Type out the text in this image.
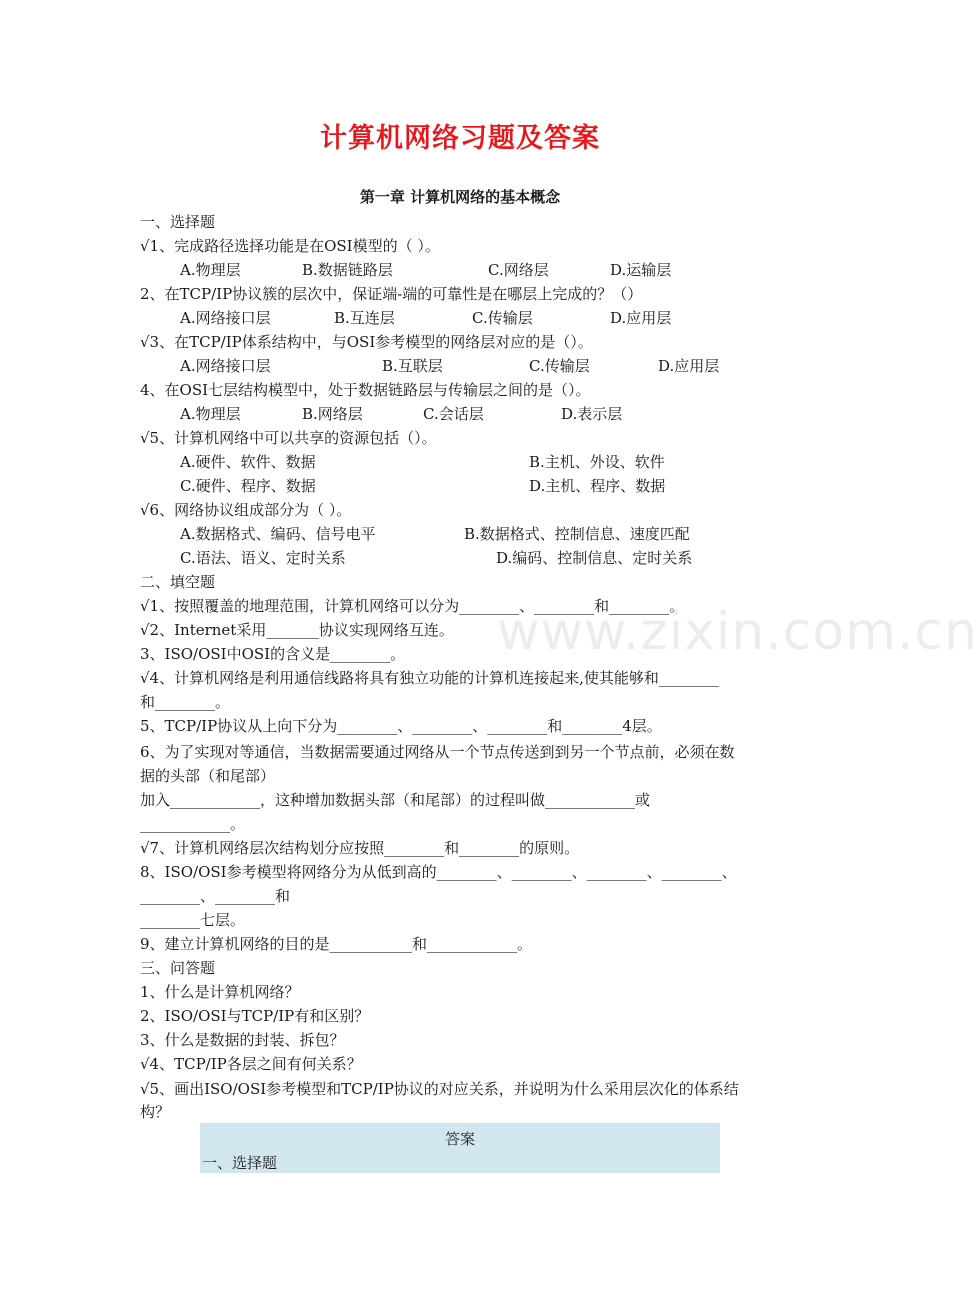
计算机网络习题及答案
第一章 计算机网络的基本概念
一、选择题
√1、完成路径选择功能是在OSI模型的（ ）。
A.物理层	B.数据链路层	C.网络层	D.运输层
2、在TCP/IP协议簇的层次中，保证端-端的可靠性是在哪层上完成的？（）
A.网络接口层	B.互连层	C.传输层	D.应用层
√3、在TCP/IP体系结构中，与OSI参考模型的网络层对应的是（）。
A.网络接口层	B.互联层	C.传输层	D.应用层
4、在OSI七层结构模型中，处于数据链路层与传输层之间的是（）。
A.物理层	B.网络层	C.会话层	D.表示层
√5、计算机网络中可以共享的资源包括（）。
A.硬件、软件、数据	B.主机、外设、软件
C.硬件、程序、数据	D.主机、程序、数据
√6、网络协议组成部分为（ ）。
A.数据格式、编码、信号电平	B.数据格式、控制信息、速度匹配
C.语法、语义、定时关系	D.编码、控制信息、定时关系
二、填空题
√1、按照覆盖的地理范围，计算机网络可以分为________、________和________。
√2、Internet采用_______协议实现网络互连。
3、ISO/OSI中OSI的含义是________。
√4、计算机网络是利用通信线路将具有独立功能的计算机连接起来,使其能够和________
和________。
5、TCP/IP协议从上向下分为________、________、________和________4层。
6、为了实现对等通信，当数据需要通过网络从一个节点传送到到另一个节点前，必须在数
据的头部（和尾部）
加入____________，这种增加数据头部（和尾部）的过程叫做____________或
____________。
√7、计算机网络层次结构划分应按照________和________的原则。
8、ISO/OSI参考模型将网络分为从低到高的________、________、________、________、
________、________和
________七层。
9、建立计算机网络的目的是___________和____________。
三、问答题
1、什么是计算机网络？
2、ISO/OSI与TCP/IP有和区别？
3、什么是数据的封装、拆包？
√4、TCP/IP各层之间有何关系？
√5、画出ISO/OSI参考模型和TCP/IP协议的对应关系，并说明为什么采用层次化的体系结
构？
答案
一、选择题
www.zixin.com.cn
